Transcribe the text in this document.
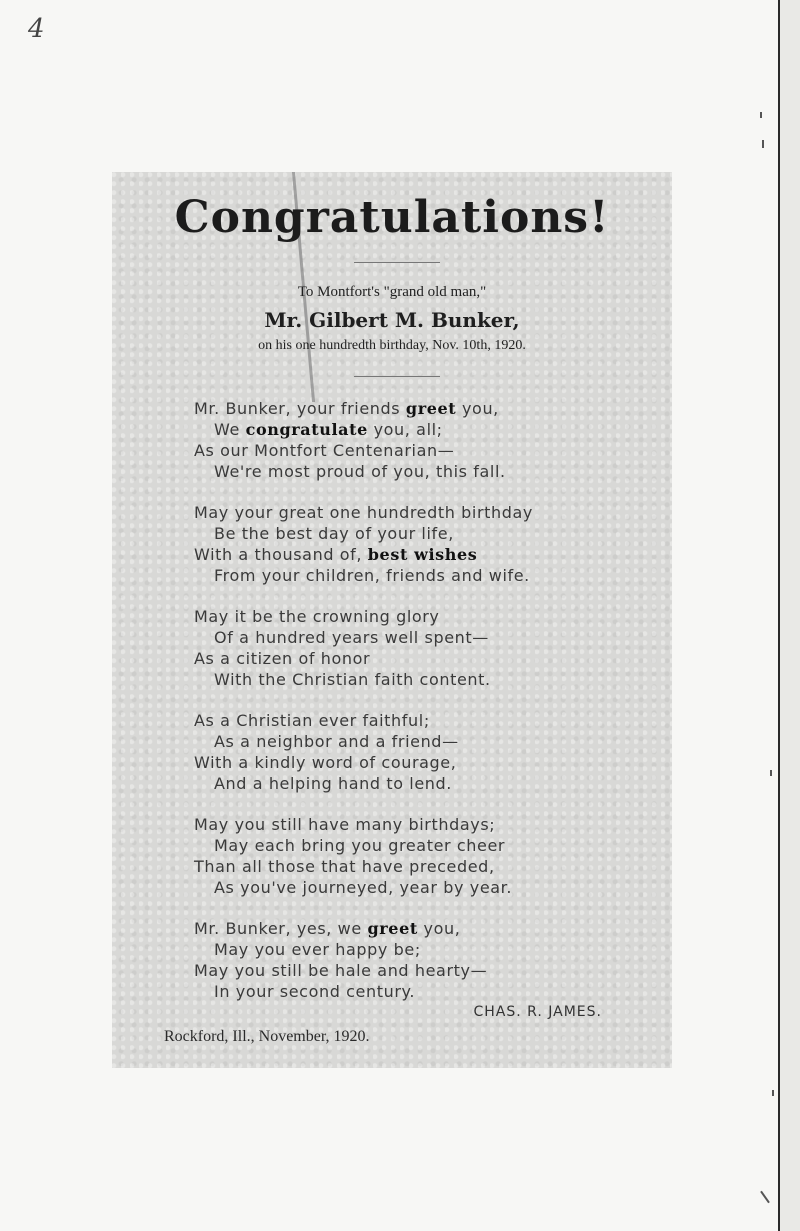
4
Congratulations!
To Montfort's "grand old man,"
Mr. Gilbert M. Bunker,
on his one hundredth birthday, Nov. 10th, 1920.
Mr. Bunker, your friends greet you,
We congratulate you, all;
As our Montfort Centenarian—
We're most proud of you, this fall.
May your great one hundredth birthday
Be the best day of your life,
With a thousand of, best wishes
From your children, friends and wife.
May it be the crowning glory
Of a hundred years well spent—
As a citizen of honor
With the Christian faith content.
As a Christian ever faithful;
As a neighbor and a friend—
With a kindly word of courage,
And a helping hand to lend.
May you still have many birthdays;
May each bring you greater cheer
Than all those that have preceded,
As you've journeyed, year by year.
Mr. Bunker, yes, we greet you,
May you ever happy be;
May you still be hale and hearty—
In your second century.
CHAS. R. JAMES.
Rockford, Ill., November, 1920.
